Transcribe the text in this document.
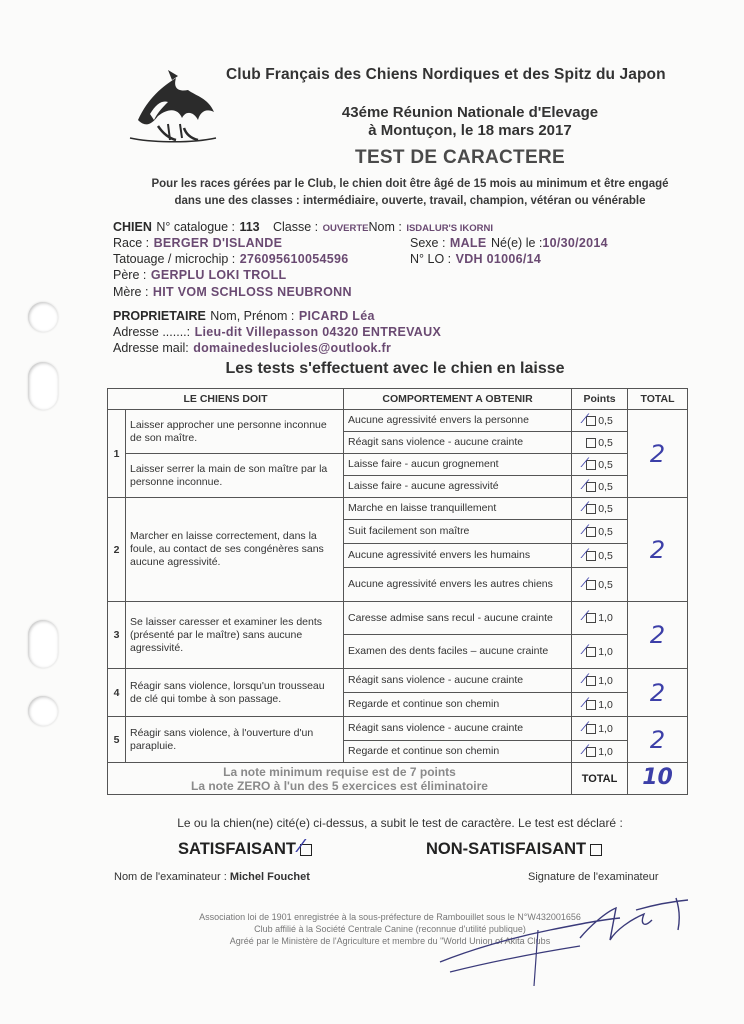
Club Français des Chiens Nordiques et des Spitz du Japon
43éme Réunion Nationale d'Elevage
à Montuçon, le 18 mars 2017
TEST DE CARACTERE
Pour les races gérées par le Club, le chien doit être âgé de 15 mois au minimum et être engagé
dans une des classes : intermédiaire, ouverte, travail, champion, vétéran ou vénérable
CHIEN N° catalogue : 113 Classe : OUVERTENom : ISDALUR'S IKORNI
Race : BERGER D'ISLANDE	Sexe : MALE Né(e) le :10/30/2014
Tatouage / microchip : 276095610054596	N° LO : VDH 01006/14
Père : GERPLU LOKI TROLL
Mère : HIT VOM SCHLOSS NEUBRONN
PROPRIETAIRE Nom, Prénom : PICARD Léa
Adresse .......: Lieu-dit Villepasson 04320 ENTREVAUX
Adresse mail: domainedeslucioles@outlook.fr
Les tests s'effectuent avec le chien en laisse
LE CHIENS DOIT		COMPORTEMENT A OBTENIR	Points	TOTAL
1	Laisser approcher une personne inconnue de son maître.	Aucune agressivité envers la personne	⁄ 0,5	2
		Réagit sans violence - aucune crainte	0,5	
	Laisser serrer la main de son maître par la personne inconnue.	Laisse faire - aucun grognement	⁄ 0,5	
		Laisse faire - aucune agressivité	⁄ 0,5	
2	Marcher en laisse correctement, dans la foule, au contact de ses congénères sans aucune agressivité.	Marche en laisse tranquillement	⁄ 0,5	2
		Suit facilement son maître	⁄ 0,5	
		Aucune agressivité envers les humains	⁄ 0,5	
		Aucune agressivité envers les autres chiens	⁄ 0,5	
3	Se laisser caresser et examiner les dents (présenté par le maître) sans aucune agressivité.	Caresse admise sans recul - aucune crainte	⁄ 1,0	2
		Examen des dents faciles – aucune crainte	⁄ 1,0	
4	Réagir sans violence, lorsqu'un trousseau de clé qui tombe à son passage.	Réagit sans violence - aucune crainte	⁄ 1,0	2
		Regarde et continue son chemin	⁄ 1,0	
5	Réagir sans violence, à l'ouverture d'un parapluie.	Réagit sans violence - aucune crainte	⁄ 1,0	2
		Regarde et continue son chemin	⁄ 1,0	

La note minimum requise est de 7 points
La note ZERO à l'un des 5 exercices est éliminatoire			TOTAL	10
Le ou la chien(ne) cité(e) ci-dessus, a subit le test de caractère. Le test est déclaré :
SATISFAISANT ⁄	NON-SATISFAISANT
Nom de l'examinateur : Michel Fouchet	Signature de l'examinateur
Association loi de 1901 enregistrée à la sous-préfecture de Rambouillet sous le N°W432001656
Club affilié à la Société Centrale Canine (reconnue d'utilité publique)
Agréé par le Ministère de l'Agriculture et membre du "World Union of Akita Clubs
